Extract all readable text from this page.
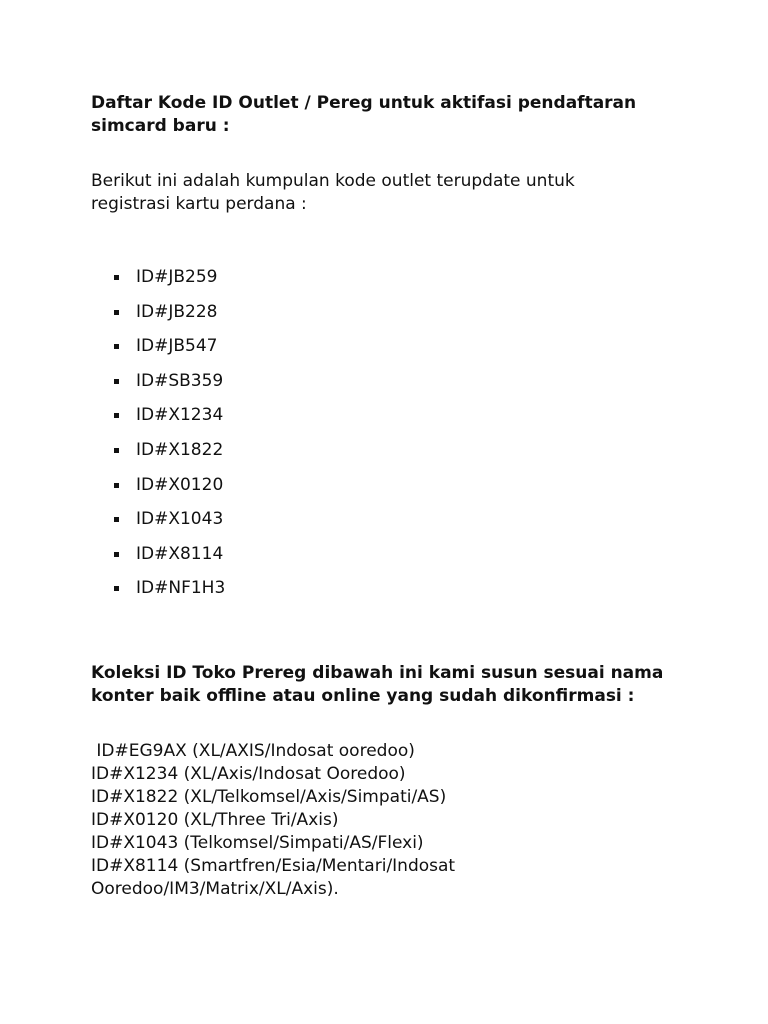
Daftar Kode ID Outlet / Pereg untuk aktifasi pendaftaran simcard baru :

Berikut ini adalah kumpulan kode outlet terupdate untuk registrasi kartu perdana :

ID#JB259
ID#JB228
ID#JB547
ID#SB359
ID#X1234
ID#X1822
ID#X0120
ID#X1043
ID#X8114
ID#NF1H3
Koleksi ID Toko Prereg dibawah ini kami susun sesuai nama konter baik offline atau online yang sudah dikonfirmasi :
ID#EG9AX (XL/AXIS/Indosat ooredoo)
ID#X1234 (XL/Axis/Indosat Ooredoo)
ID#X1822 (XL/Telkomsel/Axis/Simpati/AS)
ID#X0120 (XL/Three Tri/Axis)
ID#X1043 (Telkomsel/Simpati/AS/Flexi)
ID#X8114 (Smartfren/Esia/Mentari/Indosat Ooredoo/IM3/Matrix/XL/Axis).
